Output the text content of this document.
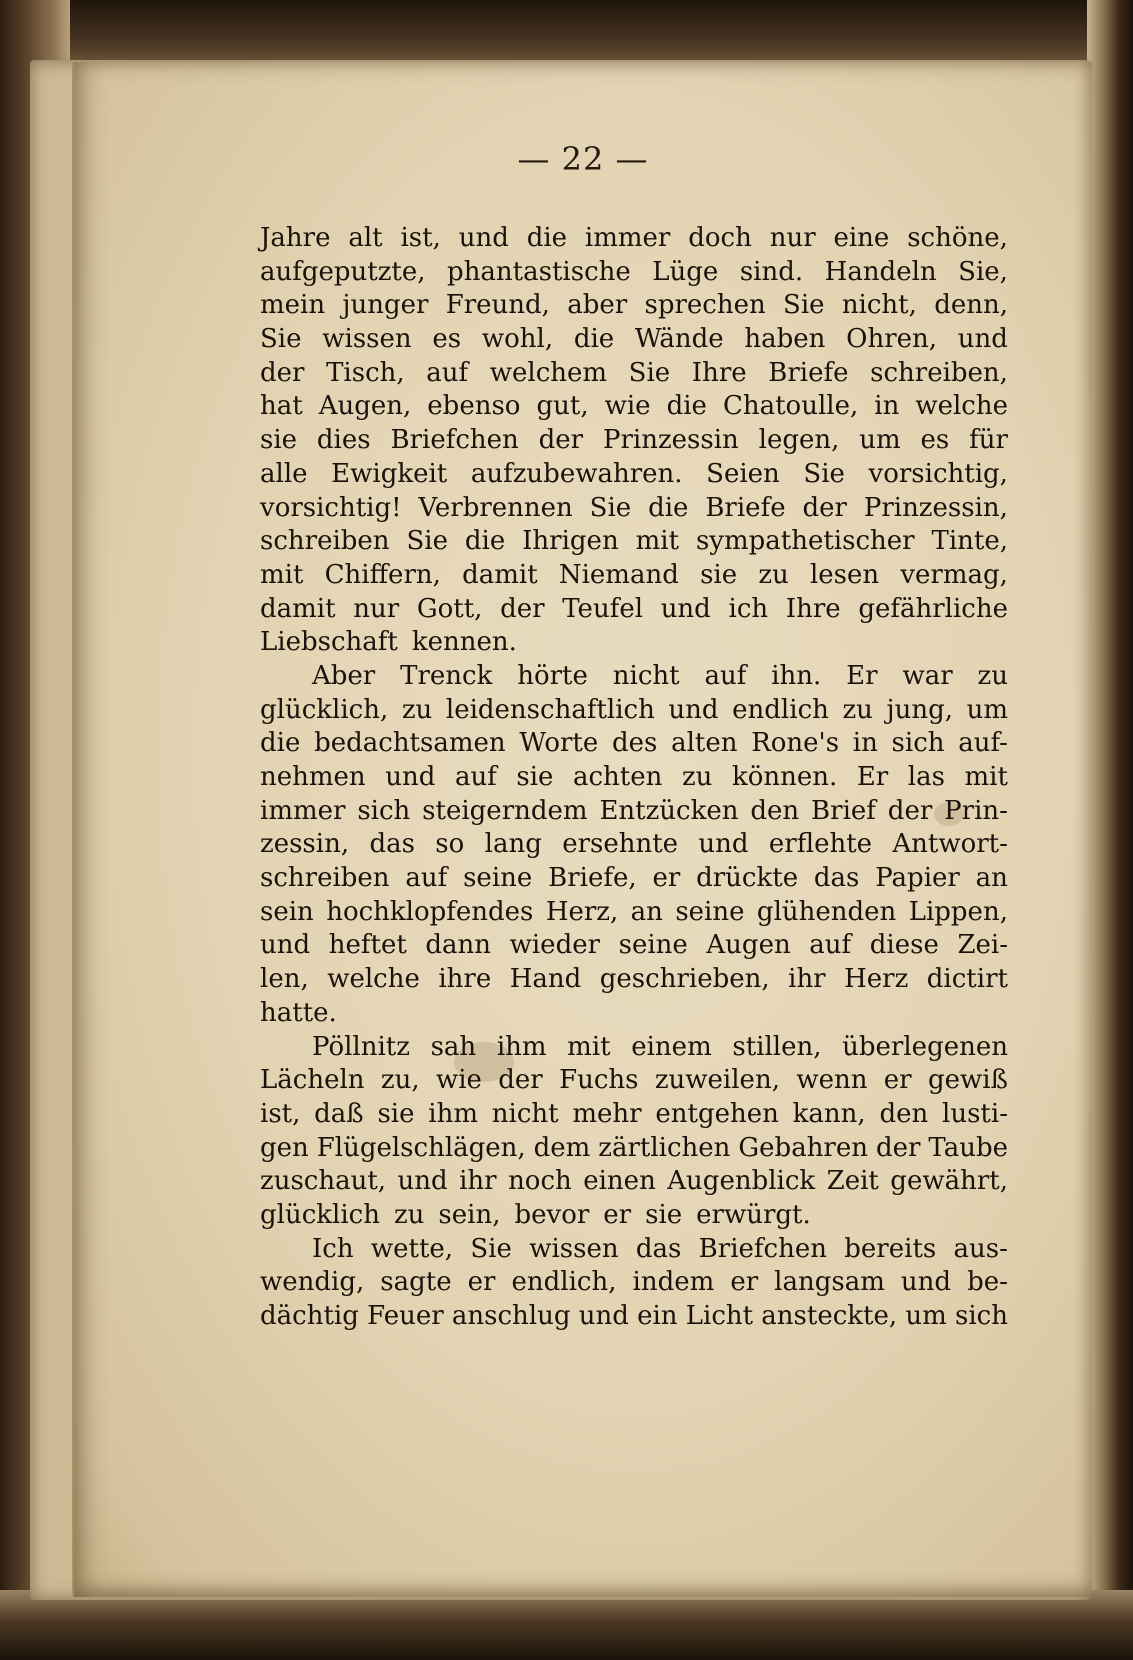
— 22 —
Jahre alt ist, und die immer doch nur eine schöne,
aufgeputzte, phantastische Lüge sind. Handeln Sie,
mein junger Freund, aber sprechen Sie nicht, denn,
Sie wissen es wohl, die Wände haben Ohren, und
der Tisch, auf welchem Sie Ihre Briefe schreiben,
hat Augen, ebenso gut, wie die Chatoulle, in welche
sie dies Briefchen der Prinzessin legen, um es für
alle Ewigkeit aufzubewahren. Seien Sie vorsichtig,
vorsichtig! Verbrennen Sie die Briefe der Prinzessin,
schreiben Sie die Ihrigen mit sympathetischer Tinte,
mit Chiffern, damit Niemand sie zu lesen vermag,
damit nur Gott, der Teufel und ich Ihre gefährliche
Liebschaft kennen.
Aber Trenck hörte nicht auf ihn. Er war zu
glücklich, zu leidenschaftlich und endlich zu jung, um
die bedachtsamen Worte des alten Rone's in sich auf-
nehmen und auf sie achten zu können. Er las mit
immer sich steigerndem Entzücken den Brief der Prin-
zessin, das so lang ersehnte und erflehte Antwort-
schreiben auf seine Briefe, er drückte das Papier an
sein hochklopfendes Herz, an seine glühenden Lippen,
und heftet dann wieder seine Augen auf diese Zei-
len, welche ihre Hand geschrieben, ihr Herz dictirt
hatte.
Pöllnitz sah ihm mit einem stillen, überlegenen
Lächeln zu, wie der Fuchs zuweilen, wenn er gewiß
ist, daß sie ihm nicht mehr entgehen kann, den lusti-
gen Flügelschlägen, dem zärtlichen Gebahren der Taube
zuschaut, und ihr noch einen Augenblick Zeit gewährt,
glücklich zu sein, bevor er sie erwürgt.
Ich wette, Sie wissen das Briefchen bereits aus-
wendig, sagte er endlich, indem er langsam und be-
dächtig Feuer anschlug und ein Licht ansteckte, um sich
